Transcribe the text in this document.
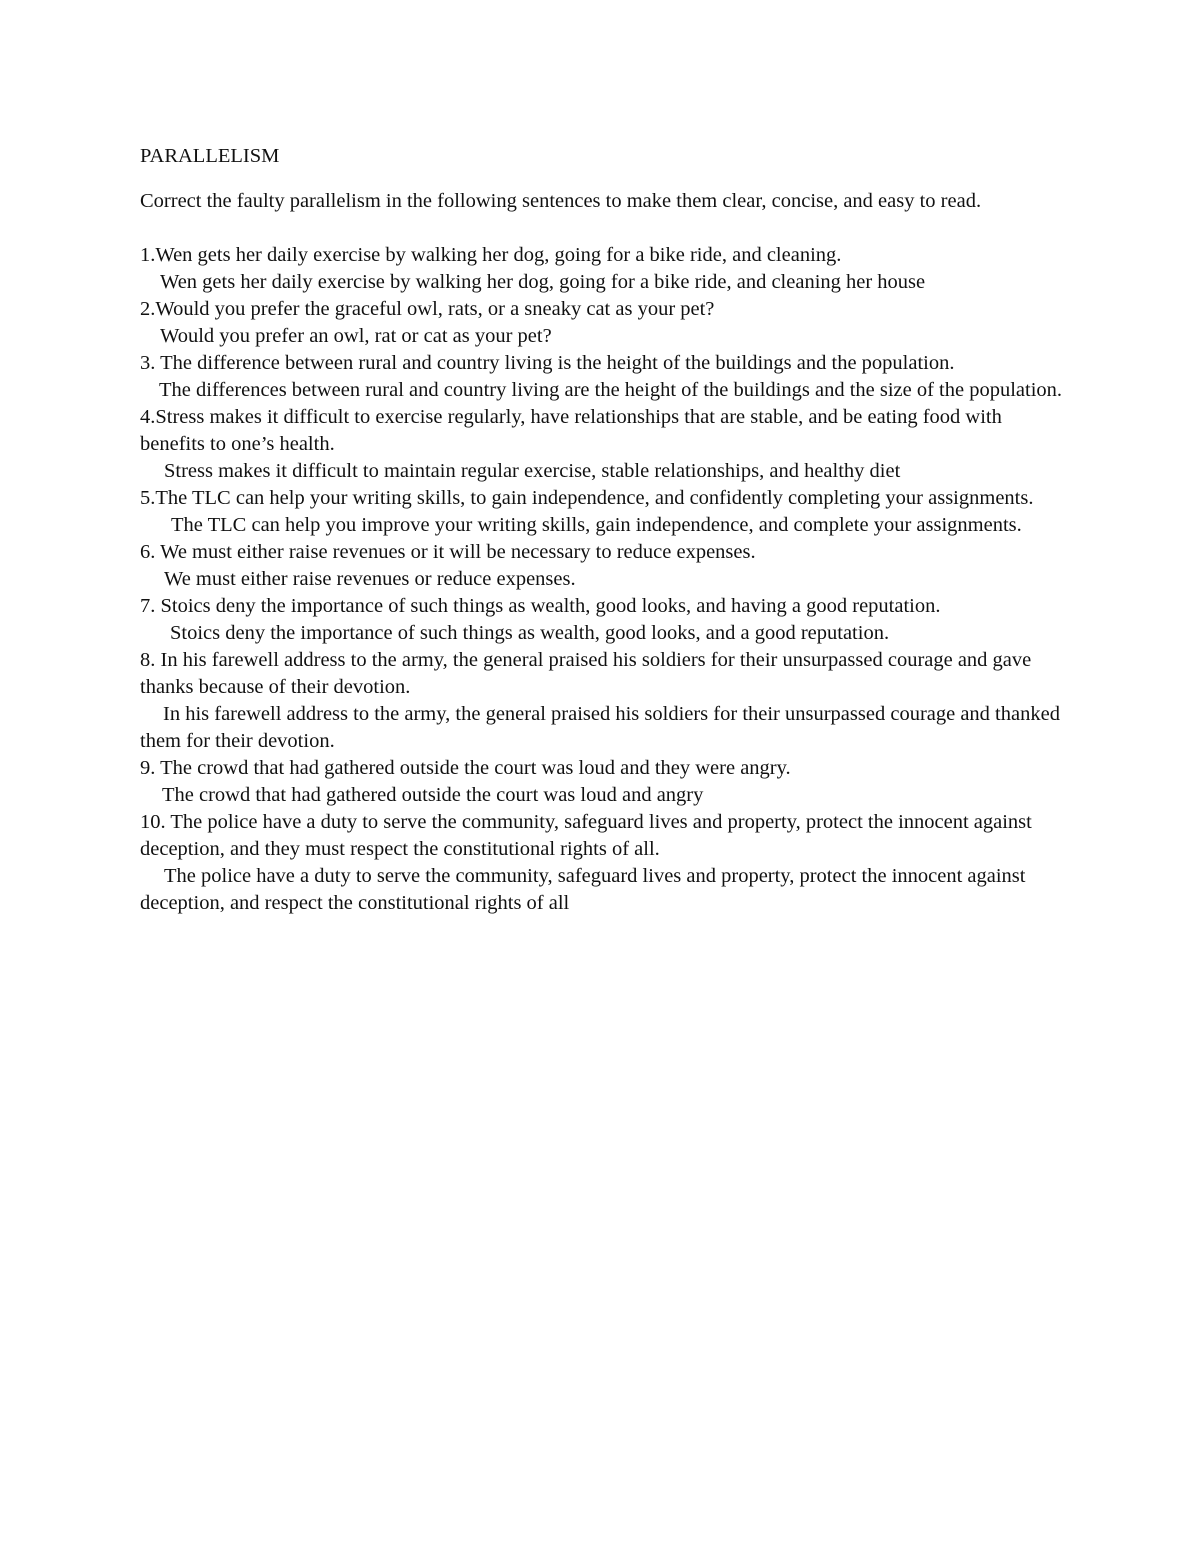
PARALLELISM
Correct the faulty parallelism in the following sentences to make them clear, concise, and easy to read.
1.Wen gets her daily exercise by walking her dog, going for a bike ride, and cleaning.
Wen gets her daily exercise by walking her dog, going for a bike ride, and cleaning her house
2.Would you prefer the graceful owl, rats, or a sneaky cat as your pet?
Would you prefer an owl, rat or cat as your pet?
3. The difference between rural and country living is the height of the buildings and the population.
The differences between rural and country living are the height of the buildings and the size of the population.
4.Stress makes it difficult to exercise regularly, have relationships that are stable, and be eating food with benefits to one’s health.
Stress makes it difficult to maintain regular exercise, stable relationships, and healthy diet
5.The TLC can help your writing skills, to gain independence, and confidently completing your assignments.
The TLC can help you improve your writing skills, gain independence, and complete your assignments.
6. We must either raise revenues or it will be necessary to reduce expenses.
We must either raise revenues or reduce expenses.
7. Stoics deny the importance of such things as wealth, good looks, and having a good reputation.
Stoics deny the importance of such things as wealth, good looks, and a good reputation.
8. In his farewell address to the army, the general praised his soldiers for their unsurpassed courage and gave thanks because of their devotion.
In his farewell address to the army, the general praised his soldiers for their unsurpassed courage and thanked them for their devotion.
9. The crowd that had gathered outside the court was loud and they were angry.
The crowd that had gathered outside the court was loud and angry
10. The police have a duty to serve the community, safeguard lives and property, protect the innocent against deception, and they must respect the constitutional rights of all.
The police have a duty to serve the community, safeguard lives and property, protect the innocent against deception, and respect the constitutional rights of all
